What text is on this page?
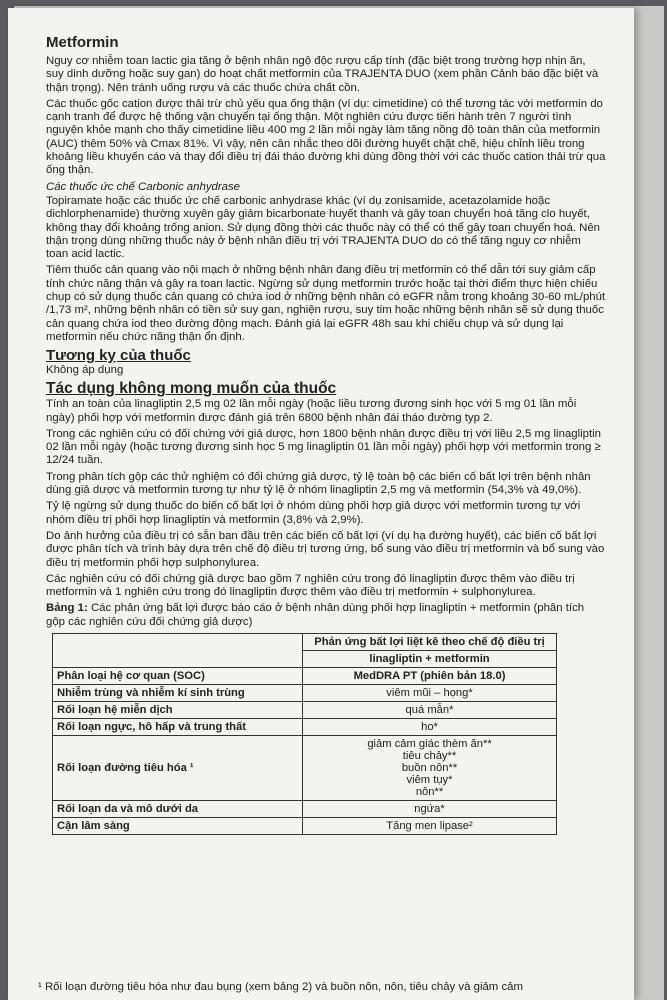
Metformin

Nguy cơ nhiễm toan lactic gia tăng ở bệnh nhân ngộ độc rượu cấp tính (đặc biệt trong trường hợp nhịn ăn, suy dinh dưỡng hoặc suy gan) do hoạt chất metformin của TRAJENTA DUO (xem phần Cảnh báo đặc biệt và thận trọng). Nên tránh uống rượu và các thuốc chứa chất cồn.

Các thuốc gốc cation được thải trừ chủ yếu qua ống thận (ví dụ: cimetidine) có thể tương tác với metformin do cạnh tranh để được hệ thống vận chuyển tại ống thận. Một nghiên cứu được tiến hành trên 7 người tình nguyện khỏe mạnh cho thấy cimetidine liều 400 mg 2 lần mỗi ngày làm tăng nồng độ toàn thân của metformin (AUC) thêm 50% và Cmax 81%. Vì vậy, nên cân nhắc theo dõi đường huyết chặt chẽ, hiệu chỉnh liều trong khoảng liều khuyến cáo và thay đổi điều trị đái tháo đường khi dùng đồng thời với các thuốc cation thải trừ qua ống thận.

Các thuốc ức chế Carbonic anhydrase

Topiramate hoặc các thuốc ức chế carbonic anhydrase khác (ví dụ zonisamide, acetazolamide hoặc dichlorphenamide) thường xuyên gây giảm bicarbonate huyết thanh và gây toan chuyển hoá tăng clo huyết, không thay đổi khoảng trống anion. Sử dụng đồng thời các thuốc này có thể có thể gây toan chuyển hoá. Nên thận trọng dùng những thuốc này ở bệnh nhân điều trị với TRAJENTA DUO do có thể tăng nguy cơ nhiễm toan acid lactic.

Tiêm thuốc cản quang vào nội mạch ở những bệnh nhân đang điều trị metformin có thể dẫn tới suy giảm cấp tính chức năng thận và gây ra toan lactic. Ngừng sử dụng metformin trước hoặc tại thời điểm thực hiện chiếu chụp có sử dụng thuốc cản quang có chứa iod ở những bệnh nhân có eGFR nằm trong khoảng 30-60 mL/phút /1,73 m², những bệnh nhân có tiền sử suy gan, nghiện rượu, suy tim hoặc những bệnh nhân sẽ sử dụng thuốc cản quang chứa iod theo đường động mạch. Đánh giá lại eGFR 48h sau khi chiếu chụp và sử dụng lại metformin nếu chức năng thận ổn định.

Tương kỵ của thuốc

Không áp dụng

Tác dụng không mong muốn của thuốc

Tính an toàn của linagliptin 2,5 mg 02 lần mỗi ngày (hoặc liều tương đương sinh học với 5 mg 01 lần mỗi ngày) phối hợp với metformin được đánh giá trên 6800 bệnh nhân đái tháo đường typ 2.

Trong các nghiên cứu có đối chứng với giả dược, hơn 1800 bệnh nhân được điều trị với liều 2,5 mg linagliptin 02 lần mỗi ngày (hoặc tương đương sinh học 5 mg linagliptin 01 lần mỗi ngày) phối hợp với metformin trong ≥ 12/24 tuần.

Trong phân tích gộp các thử nghiệm có đối chứng giả dược, tỷ lệ toàn bộ các biến cố bất lợi trên bệnh nhân dùng giả dược và metformin tương tự như tỷ lệ ở nhóm linagliptin 2,5 mg và metformin (54,3% và 49,0%).

Tỷ lệ ngừng sử dụng thuốc do biến cố bất lợi ở nhóm dùng phối hợp giả dược với metformin tương tự với nhóm điều trị phối hợp linagliptin và metformin (3,8% và 2,9%).

Do ảnh hưởng của điều trị có sẵn ban đầu trên các biến cố bất lợi (ví dụ hạ đường huyết), các biến cố bất lợi được phân tích và trình bày dựa trên chế độ điều trị tương ứng, bổ sung vào điều trị metformin và bổ sung vào điều trị metformin phối hợp sulphonylurea.

Các nghiên cứu có đối chứng giả dược bao gồm 7 nghiên cứu trong đó linagliptin được thêm vào điều trị metformin và 1 nghiên cứu trong đó linagliptin được thêm vào điều trị metformin + sulphonylurea.

Bảng 1: Các phản ứng bất lợi được báo cáo ở bệnh nhân dùng phối hợp linagliptin + metformin (phân tích gộp các nghiên cứu đối chứng giả dược)

	Phản ứng bất lợi liệt kê theo chế độ điều trị
	linagliptin + metformin
Phân loại hệ cơ quan (SOC)	MedDRA PT (phiên bản 18.0)
Nhiễm trùng và nhiễm kí sinh trùng	viêm mũi – họng*
Rối loạn hệ miễn dịch	quá mẫn*
Rối loạn ngực, hô hấp và trung thất	ho*
Rối loạn đường tiêu hóa ¹	giảm cảm giác thèm ăn**
tiêu chảy**
buồn nôn**
viêm tụy*
nôn**

Rối loạn da và mô dưới da	ngứa*
Cận lâm sàng	Tăng men lipase²
¹ Rối loạn đường tiêu hóa như đau bụng (xem bảng 2) và buồn nôn, nôn, tiêu chảy và giảm cảm
